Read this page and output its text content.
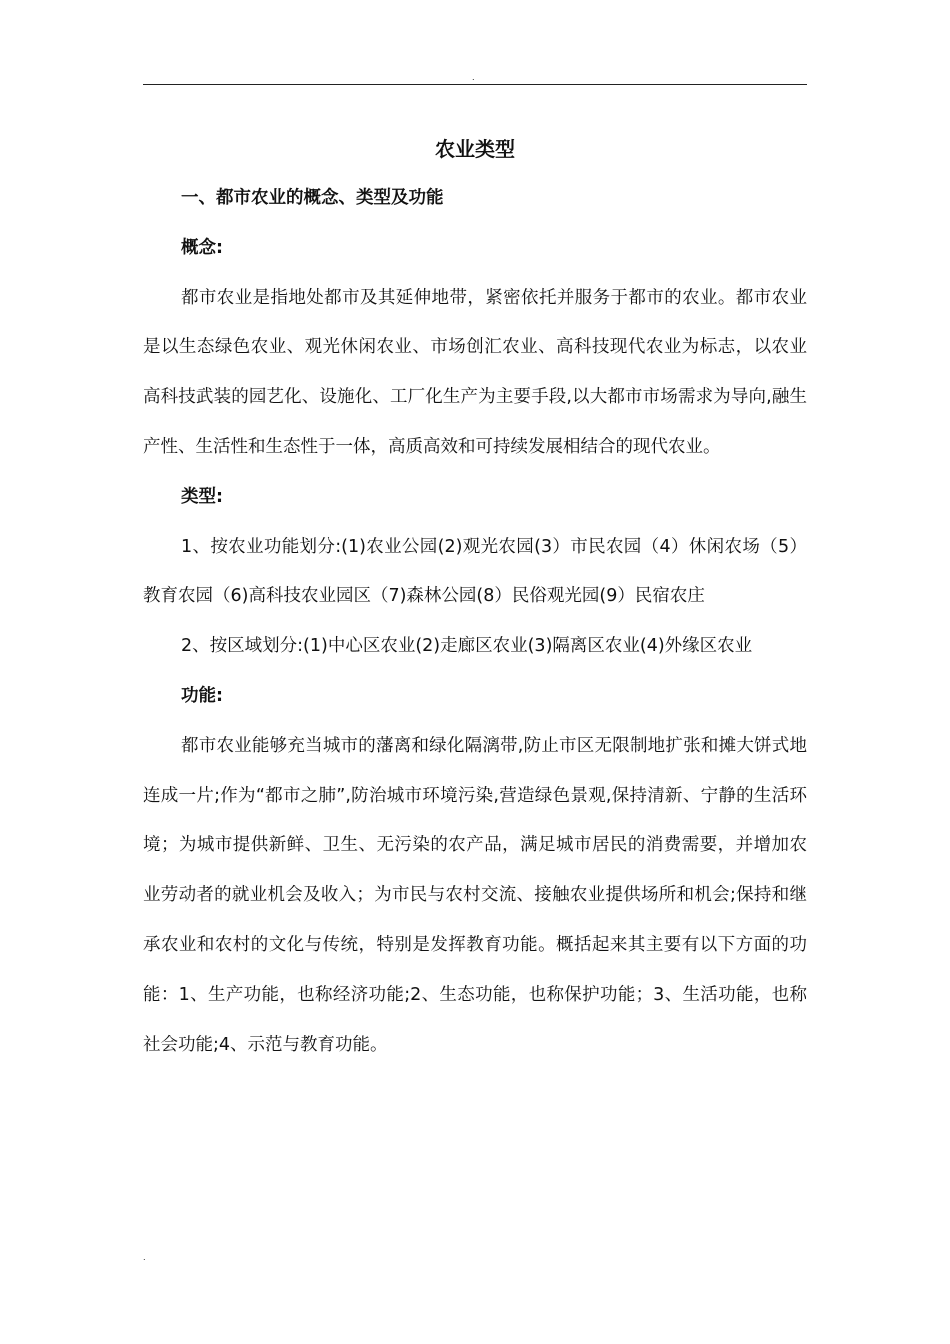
.

农业类型

一、都市农业的概念、类型及功能

概念:

都市农业是指地处都市及其延伸地带，紧密依托并服务于都市的农业。都市农业是以生态绿色农业、观光休闲农业、市场创汇农业、高科技现代农业为标志，以农业高科技武装的园艺化、设施化、工厂化生产为主要手段,以大都市市场需求为导向,融生产性、生活性和生态性于一体，高质高效和可持续发展相结合的现代农业。

类型:

1、按农业功能划分:(1)农业公园(2)观光农园(3）市民农园（4）休闲农场（5）教育农园（6)高科技农业园区（7)森林公园(8）民俗观光园(9）民宿农庄

2、按区域划分:(1)中心区农业(2)走廊区农业(3)隔离区农业(4)外缘区农业

功能:

都市农业能够充当城市的藩离和绿化隔漓带,防止市区无限制地扩张和摊大饼式地连成一片;作为“都市之肺”,防治城市环境污染,营造绿色景观,保持清新、宁静的生活环境；为城市提供新鲜、卫生、无污染的农产品，满足城市居民的消费需要，并增加农业劳动者的就业机会及收入；为市民与农村交流、接触农业提供场所和机会;保持和继承农业和农村的文化与传统，特别是发挥教育功能。概括起来其主要有以下方面的功能：1、生产功能，也称经济功能;2、生态功能，也称保护功能；3、生活功能，也称社会功能;4、示范与教育功能。

.
